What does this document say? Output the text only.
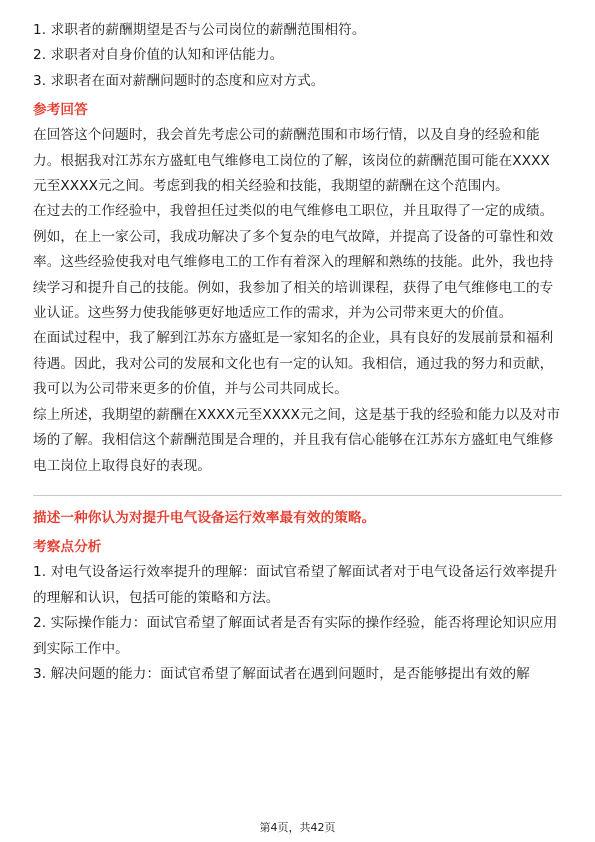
1. 求职者的薪酬期望是否与公司岗位的薪酬范围相符。

2. 求职者对自身价值的认知和评估能力。

3. 求职者在面对薪酬问题时的态度和应对方式。

参考回答

在回答这个问题时，我会首先考虑公司的薪酬范围和市场行情，以及自身的经验和能力。根据我对江苏东方盛虹电气维修电工岗位的了解，该岗位的薪酬范围可能在XXXX元至XXXX元之间。考虑到我的相关经验和技能，我期望的薪酬在这个范围内。

在过去的工作经验中，我曾担任过类似的电气维修电工职位，并且取得了一定的成绩。例如，在上一家公司，我成功解决了多个复杂的电气故障，并提高了设备的可靠性和效率。这些经验使我对电气维修电工的工作有着深入的理解和熟练的技能。此外，我也持续学习和提升自己的技能。例如，我参加了相关的培训课程，获得了电气维修电工的专业认证。这些努力使我能够更好地适应工作的需求，并为公司带来更大的价值。

在面试过程中，我了解到江苏东方盛虹是一家知名的企业，具有良好的发展前景和福利待遇。因此，我对公司的发展和文化也有一定的认知。我相信，通过我的努力和贡献，我可以为公司带来更多的价值，并与公司共同成长。

综上所述，我期望的薪酬在XXXX元至XXXX元之间，这是基于我的经验和能力以及对市场的了解。我相信这个薪酬范围是合理的，并且我有信心能够在江苏东方盛虹电气维修电工岗位上取得良好的表现。

描述一种你认为对提升电气设备运行效率最有效的策略。

考察点分析

1. 对电气设备运行效率提升的理解：面试官希望了解面试者对于电气设备运行效率提升的理解和认识，包括可能的策略和方法。

2. 实际操作能力：面试官希望了解面试者是否有实际的操作经验，能否将理论知识应用到实际工作中。

3. 解决问题的能力：面试官希望了解面试者在遇到问题时，是否能够提出有效的解

第4页，共42页
